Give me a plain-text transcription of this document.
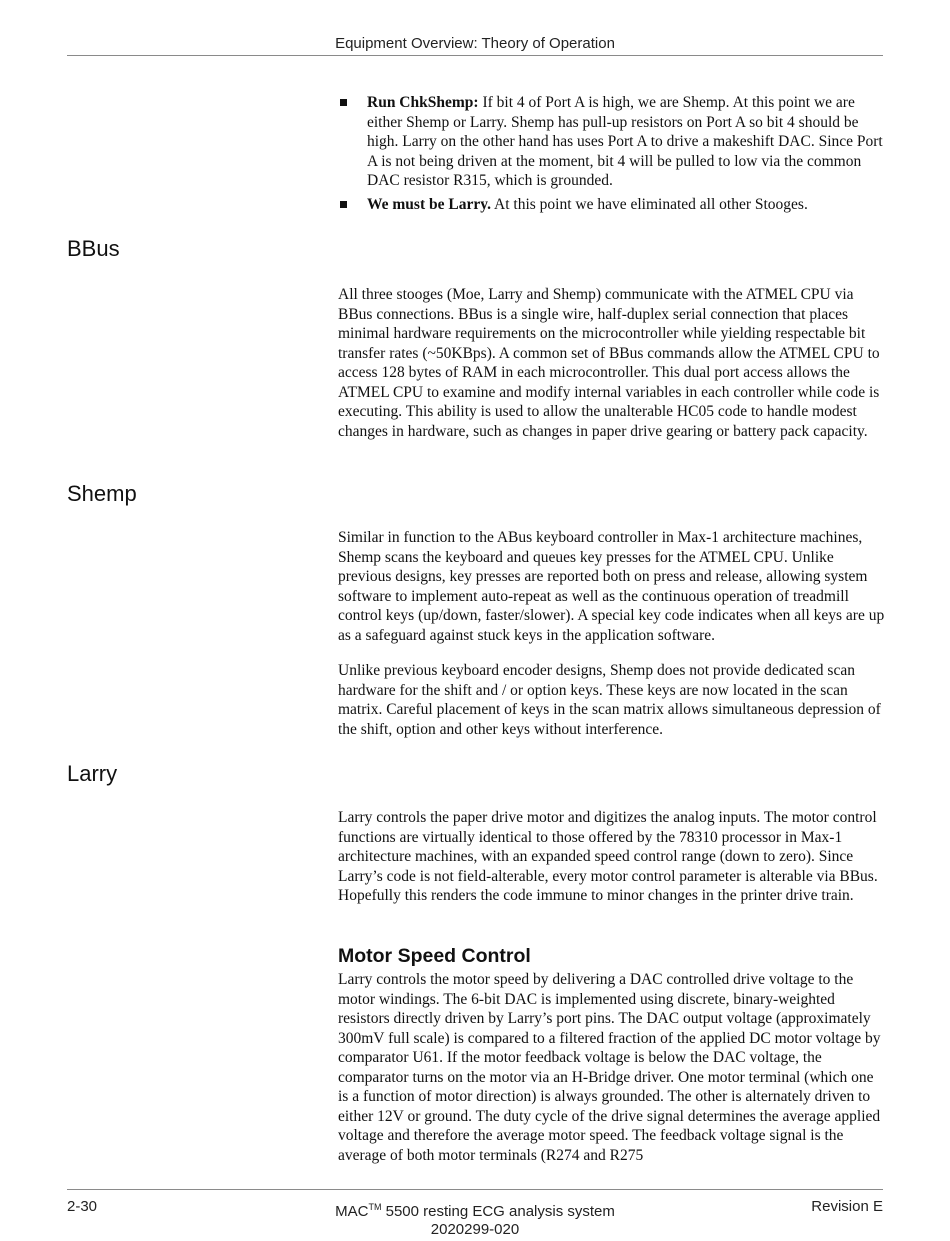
Equipment Overview: Theory of Operation
Run ChkShemp: If bit 4 of Port A is high, we are Shemp. At this point we are either Shemp or Larry. Shemp has pull-up resistors on Port A so bit 4 should be high. Larry on the other hand has uses Port A to drive a makeshift DAC. Since Port A is not being driven at the moment, bit 4 will be pulled to low via the common DAC resistor R315, which is grounded.
We must be Larry. At this point we have eliminated all other Stooges.
BBus

All three stooges (Moe, Larry and Shemp) communicate with the ATMEL CPU via BBus connections. BBus is a single wire, half-duplex serial connection that places minimal hardware requirements on the microcontroller while yielding respectable bit transfer rates (~50KBps). A common set of BBus commands allow the ATMEL CPU to access 128 bytes of RAM in each microcontroller. This dual port access allows the ATMEL CPU to examine and modify internal variables in each controller while code is executing. This ability is used to allow the unalterable HC05 code to handle modest changes in hardware, such as changes in paper drive gearing or battery pack capacity.

Shemp

Similar in function to the ABus keyboard controller in Max-1 architecture machines, Shemp scans the keyboard and queues key presses for the ATMEL CPU. Unlike previous designs, key presses are reported both on press and release, allowing system software to implement auto-repeat as well as the continuous operation of treadmill control keys (up/down, faster/slower). A special key code indicates when all keys are up as a safeguard against stuck keys in the application software.

Unlike previous keyboard encoder designs, Shemp does not provide dedicated scan hardware for the shift and / or option keys. These keys are now located in the scan matrix. Careful placement of keys in the scan matrix allows simultaneous depression of the shift, option and other keys without interference.

Larry

Larry controls the paper drive motor and digitizes the analog inputs. The motor control functions are virtually identical to those offered by the 78310 processor in Max-1 architecture machines, with an expanded speed control range (down to zero). Since Larry’s code is not field-alterable, every motor control parameter is alterable via BBus. Hopefully this renders the code immune to minor changes in the printer drive train.

Motor Speed Control

Larry controls the motor speed by delivering a DAC controlled drive voltage to the motor windings. The 6-bit DAC is implemented using discrete, binary-weighted resistors directly driven by Larry’s port pins. The DAC output voltage (approximately 300mV full scale) is compared to a filtered fraction of the applied DC motor voltage by comparator U61. If the motor feedback voltage is below the DAC voltage, the comparator turns on the motor via an H-Bridge driver. One motor terminal (which one is a function of motor direction) is always grounded. The other is alternately driven to either 12V or ground. The duty cycle of the drive signal determines the average applied voltage and therefore the average motor speed. The feedback voltage signal is the average of both motor terminals (R274 and R275

2-30	MAC™ 5500 resting ECG analysis system
2020299-020
Revision E
